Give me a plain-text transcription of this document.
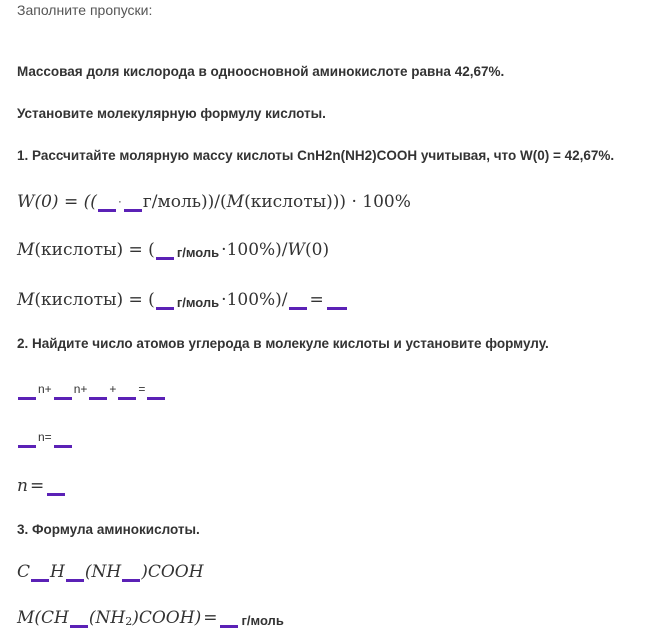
Заполните пропуски:
Массовая доля кислорода в одноосновной аминокислоте равна 42,67%.
Установите молекулярную формулу кислоты.
1. Рассчитайте молярную массу кислоты CnH2n(NH2)COOH учитывая, что W(0) = 42,67%.
W(0) = (( · г/моль))/( M (кислоты))) · 100%
M (кислоты) = ( г/моль ·100%)/ W (0)
M (кислоты) = ( г/моль ·100%)/ =
2. Найдите число атомов углерода в молекуле кислоты и установите формулу.
n+ n+ + =
n=
n =
3. Формула аминокислоты.
C H (NH )COOH
M (CH ($NH_2$ )COOH) = г/моль
